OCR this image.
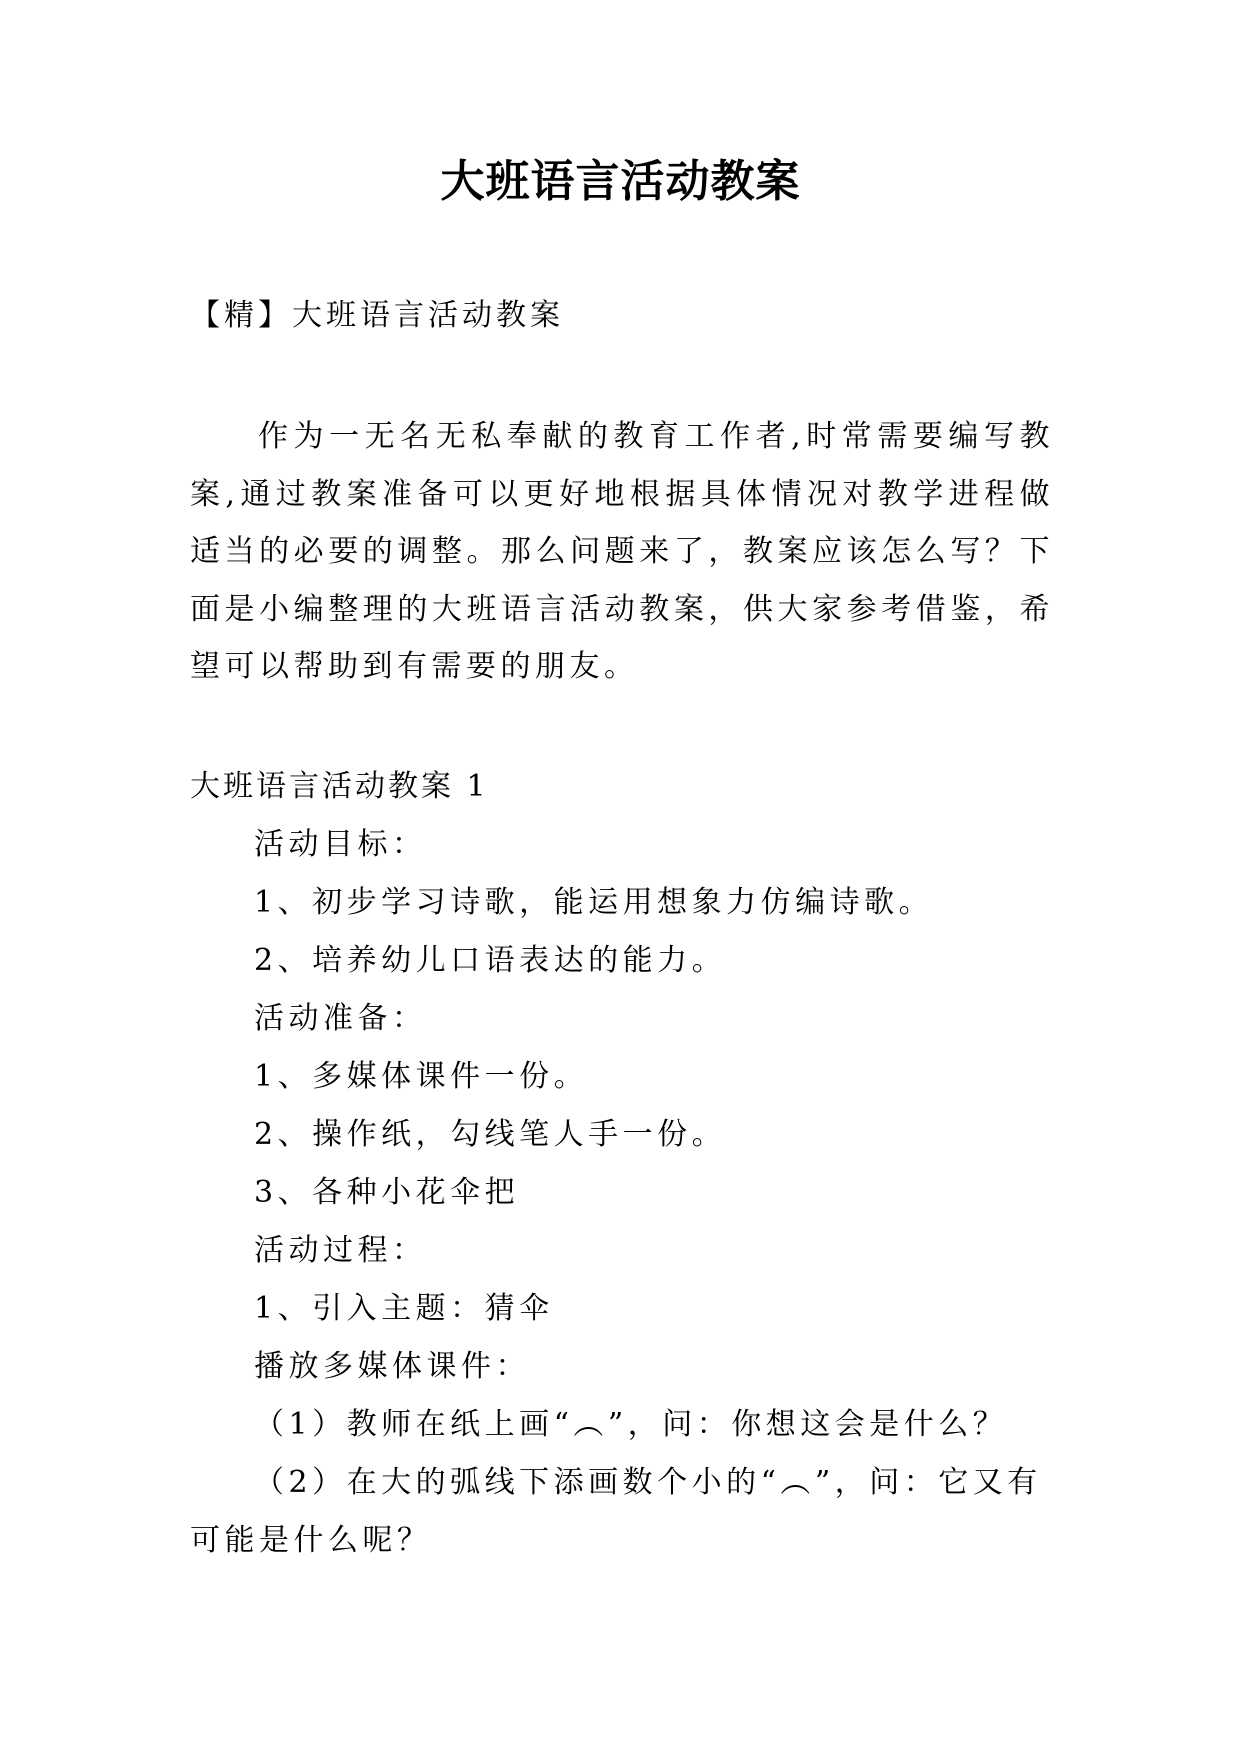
大班语言活动教案
【精】大班语言活动教案

作为一无名无私奉献的教育工作者,时常需要编写教案,通过教案准备可以更好地根据具体情况对教学进程做适当的必要的调整。那么问题来了，教案应该怎么写？下面是小编整理的大班语言活动教案，供大家参考借鉴，希望可以帮助到有需要的朋友。

大班语言活动教案 1

活动目标：

1、初步学习诗歌，能运用想象力仿编诗歌。

2、培养幼儿口语表达的能力。

活动准备：

1、多媒体课件一份。

2、操作纸，勾线笔人手一份。

3、各种小花伞把

活动过程：

1、引入主题：猜伞

播放多媒体课件：

（1）教师在纸上画“︵”，问：你想这会是什么？

（2）在大的弧线下添画数个小的“︵”，问：它又有可能是什么呢？
